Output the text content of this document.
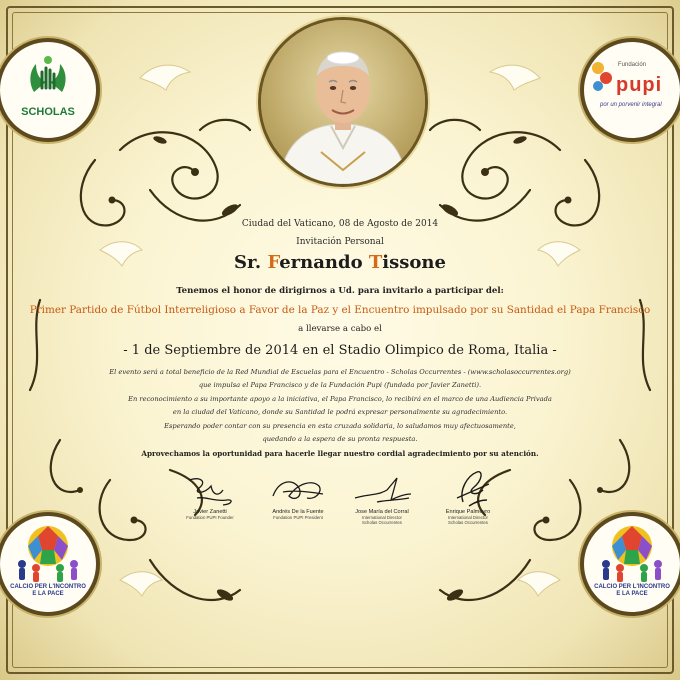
SCHOLAS
Fundación
pupi
por un porvenir integral
CALCIO PER L'INCONTRO
E LA PACE
CALCIO PER L'INCONTRO
E LA PACE
Ciudad del Vaticano, 08 de Agosto de 2014
Invitación Personal
Sr. Fernando Tissone
Tenemos el honor de dirigirnos a Ud. para invitarlo a participar del:
Primer Partido de Fútbol Interreligioso a Favor de la Paz y el Encuentro impulsado por su Santidad el Papa Francisco
a llevarse a cabo el
- 1 de Septiembre de 2014 en el Stadio Olimpico de Roma, Italia -
El evento será a total beneficio de la Red Mundial de Escuelas para el Encuentro - Scholas Occurrentes - (www.scholasoccurrentes.org)
que impulsa el Papa Francisco y de la Fundación Pupi (fundada por Javier Zanetti).
En reconocimiento a su importante apoyo a la iniciativa, el Papa Francisco, lo recibirá en el marco de una Audiencia Privada
en la ciudad del Vaticano, donde su Santidad le podrá expresar personalmente su agradecimiento.
Esperando poder contar con su presencia en esta cruzada solidaria, lo saludamos muy afectuosamente,
quedando a la espera de su pronta respuesta.
Aprovechamos la oportunidad para hacerle llegar nuestro cordial agradecimiento por su atención.
Javier Zanetti
Fundation PUPI Founder
Andrés De la Fuente
Fundation PUPI President
Jose María del Corral
International Director
Scholas Occurrentes
Enrique Palmeyro
International Director
Scholas Occurrentes
